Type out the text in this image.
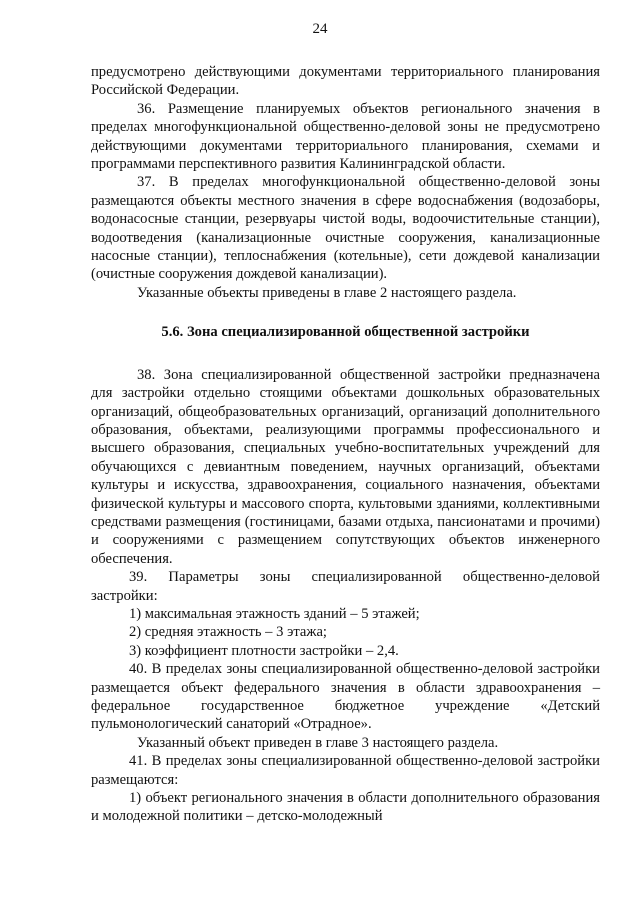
24

предусмотрено действующими документами территориального планирования Российской Федерации.

36. Размещение планируемых объектов регионального значения в пределах многофункциональной общественно-деловой зоны не предусмотрено действующими документами территориального планирования, схемами и программами перспективного развития Калининградской области.

37. В пределах многофункциональной общественно-деловой зоны размещаются объекты местного значения в сфере водоснабжения (водозаборы, водонасосные станции, резервуары чистой воды, водоочистительные станции), водоотведения (канализационные очистные сооружения, канализационные насосные станции), теплоснабжения (котельные), сети дождевой канализации (очистные сооружения дождевой канализации).

Указанные объекты приведены в главе 2 настоящего раздела.

5.6. Зона специализированной общественной застройки

38. Зона специализированной общественной застройки предназначена для застройки отдельно стоящими объектами дошкольных образовательных организаций, общеобразовательных организаций, организаций дополнительного образования, объектами, реализующими программы профессионального и высшего образования, специальных учебно-воспитательных учреждений для обучающихся с девиантным поведением, научных организаций, объектами культуры и искусства, здравоохранения, социального назначения, объектами физической культуры и массового спорта, культовыми зданиями, коллективными средствами размещения (гостиницами, базами отдыха, пансионатами и прочими) и сооружениями с размещением сопутствующих объектов инженерного обеспечения.

39. Параметры зоны специализированной общественно-деловой застройки:

1) максимальная этажность зданий – 5 этажей;

2) средняя этажность – 3 этажа;

3) коэффициент плотности застройки – 2,4.

40. В пределах зоны специализированной общественно-деловой застройки размещается объект федерального значения в области здравоохранения – федеральное государственное бюджетное учреждение «Детский пульмонологический санаторий «Отрадное».

Указанный объект приведен в главе 3 настоящего раздела.

41. В пределах зоны специализированной общественно-деловой застройки размещаются:

1) объект регионального значения в области дополнительного образования и молодежной политики – детско-молодежный
